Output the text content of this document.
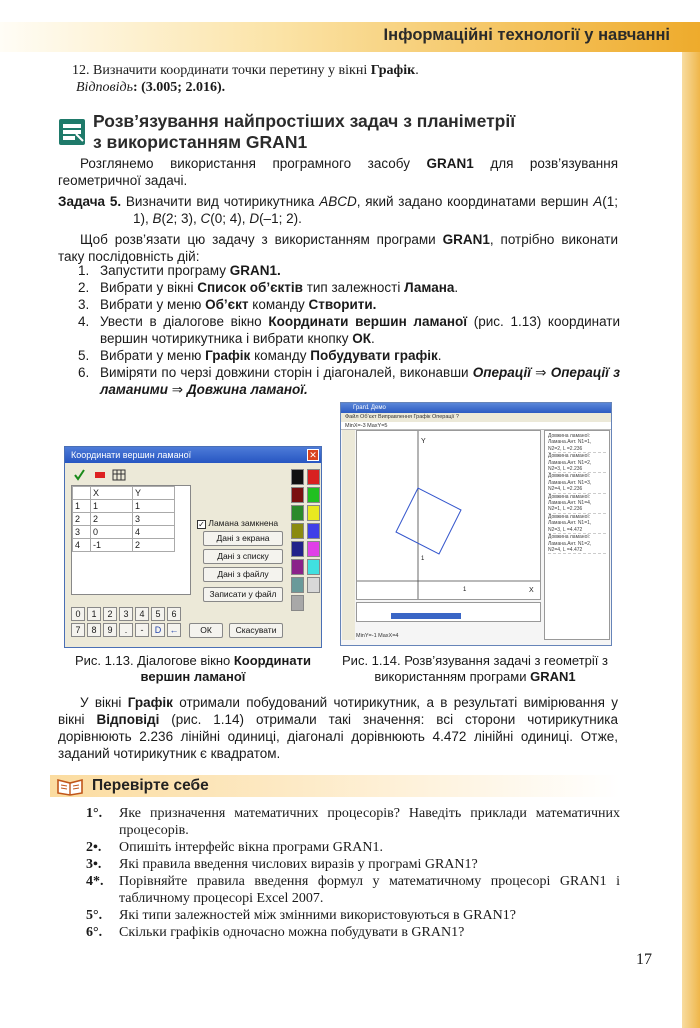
Інформаційні технології у навчанні
12. Визначити координати точки перетину у вікні Графік.
Відповідь: (3.005; 2.016).
Розв’язування найпростіших задач з планіметрії
з використанням GRAN1
Розглянемо використання програмного засобу GRAN1 для розв’язування геометричної задачі.
Задача 5. Визначити вид чотирикутника ABCD, який задано координатами вершин A(1; 1), B(2; 3), C(0; 4), D(–1; 2).
Щоб розв’язати цю задачу з використанням програми GRAN1, потрібно виконати таку послідовність дій:
1. Запустити програму GRAN1.
2. Вибрати у вікні Список об’єктів тип залежності Ламана.
3. Вибрати у меню Об’єкт команду Створити.
4. Увести в діалогове вікно Координати вершин ламаної (рис. 1.13) координати вершин чотирикутника і вибрати кнопку ОК.
5. Вибрати у меню Графік команду Побудувати графік.
6. Виміряти по черзі довжини сторін і діагоналей, виконавши Операції ⇒ Операції з ламаними ⇒ Довжина ламаної.
Координати вершин ламаної	✕
	X	Y
1	1	1
2	2	3
3	0	4
4	-1	2
✓ Ламана замкнена
Дані з екрана
Дані з списку
Дані з файлу
Записати у файл
ОК	Скасувати
0	1	2	3	4	5	6
7	8	9	.	-	D ←
Граn1 Демо
Файл Об’єкт Виправлення Графік Операції ?
MinX=-3 MaxY=5
Y
X
1
1
MinY=-1 MaxX=4
Довжина ламаної: Ламана.Ант. N1=1, N2=2, L =2.236
Довжина ламаної: Ламана.Ант. N1=2, N2=3, L =2.236
Довжина ламаної: Ламана.Ант. N1=3, N2=4, L =2.236
Довжина ламаної: Ламана.Ант. N1=4, N2=1, L =2.236
Довжина ламаної: Ламана.Ант. N1=1, N2=3, L =4.472
Довжина ламаної: Ламана.Ант. N1=2, N2=4, L =4.472
Рис. 1.13. Діалогове вікно Координати вершин ламаної
Рис. 1.14. Розв’язування задачі з геометрії з використанням програми GRAN1
У вікні Графік отримали побудований чотирикутник, а в результаті вимірювання у вікні Відповіді (рис. 1.14) отримали такі значення: всі сторони чотирикутника дорівнюють 2.236 лінійні одиниці, діагоналі дорівнюють 4.472 лінійні одиниці. Отже, заданий чотирикутник є квадратом.
Перевірте себе
1°. Яке призначення математичних процесорів? Наведіть приклади математичних процесорів.
2•. Опишіть інтерфейс вікна програми GRAN1.
3•. Які правила введення числових виразів у програмі GRAN1?
4*. Порівняйте правила введення формул у математичному процесорі GRAN1 і табличному процесорі Excel 2007.
5°. Які типи залежностей між змінними використовуються в GRAN1?
6°. Скільки графіків одночасно можна побудувати в GRAN1?
17
